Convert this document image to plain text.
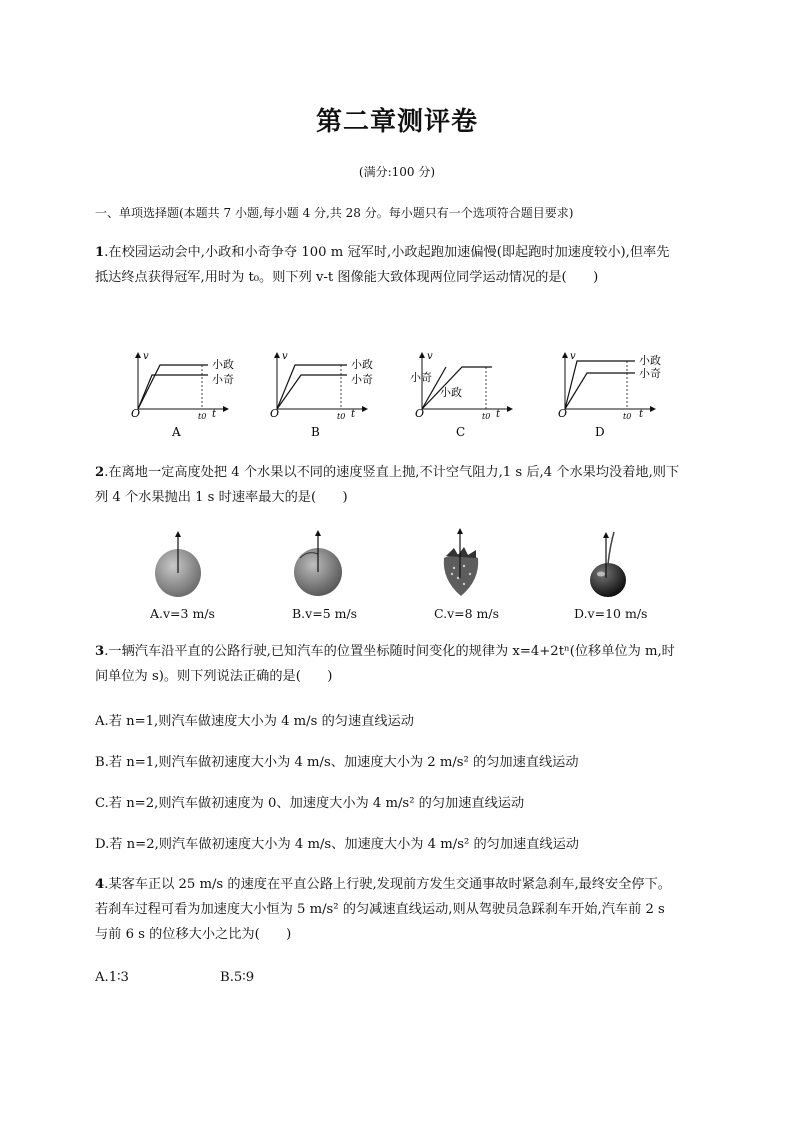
第二章测评卷
(满分:100 分)
一、单项选择题(本题共 7 小题,每小题 4 分,共 28 分。每小题只有一个选项符合题目要求)
1.在校园运动会中,小政和小奇争夺 100 m 冠军时,小政起跑加速偏慢(即起跑时加速度较小),但率先
抵达终点获得冠军,用时为 t₀。则下列 v-t 图像能大致体现两位同学运动情况的是(　　)
v
O	t0 t
小政
小奇
A
v
O	t0 t
小政
小奇
B
v
O	t0 t
小奇
小政
C
v
O	t0 t
小政
小奇
D
2.在离地一定高度处把 4 个水果以不同的速度竖直上抛,不计空气阻力,1 s 后,4 个水果均没着地,则下
列 4 个水果抛出 1 s 时速率最大的是(　　)
A.v=3 m/s	B.v=5 m/s	C.v=8 m/s	D.v=10 m/s
3.一辆汽车沿平直的公路行驶,已知汽车的位置坐标随时间变化的规律为 x=4+2tⁿ(位移单位为 m,时
间单位为 s)。则下列说法正确的是(　　)
A.若 n=1,则汽车做速度大小为 4 m/s 的匀速直线运动
B.若 n=1,则汽车做初速度大小为 4 m/s、加速度大小为 2 m/s² 的匀加速直线运动
C.若 n=2,则汽车做初速度为 0、加速度大小为 4 m/s² 的匀加速直线运动
D.若 n=2,则汽车做初速度大小为 4 m/s、加速度大小为 4 m/s² 的匀加速直线运动
4.某客车正以 25 m/s 的速度在平直公路上行驶,发现前方发生交通事故时紧急刹车,最终安全停下。
若刹车过程可看为加速度大小恒为 5 m/s² 的匀减速直线运动,则从驾驶员急踩刹车开始,汽车前 2 s
与前 6 s 的位移大小之比为(　　)
A.1∶3	B.5∶9
